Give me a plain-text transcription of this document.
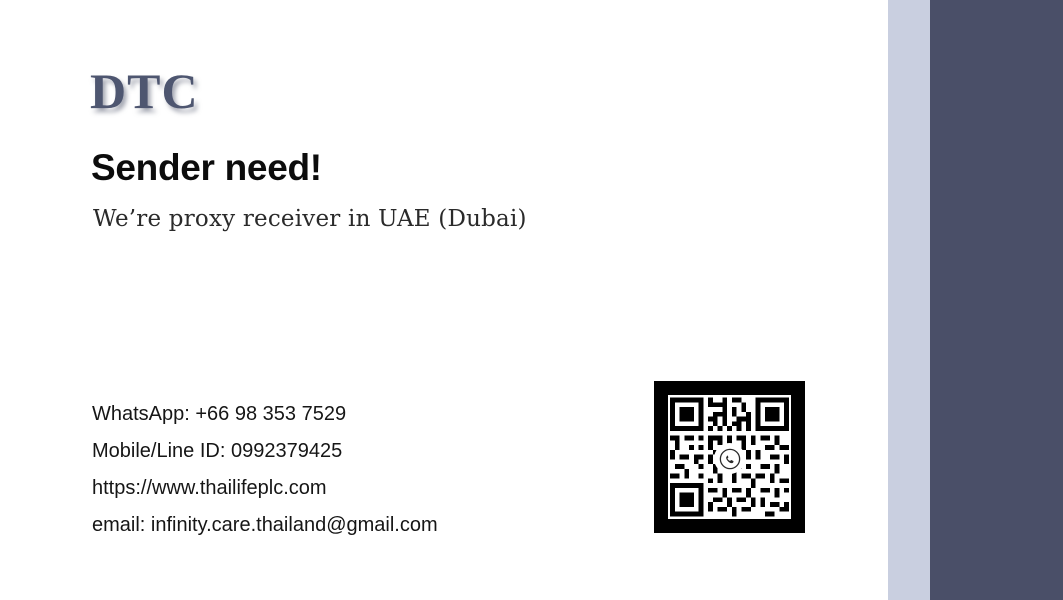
DTC
Sender need!
We’re proxy receiver in UAE (Dubai)
WhatsApp: +66 98 353 7529
Mobile/Line ID: 0992379425
https://www.thailifeplc.com
email: infinity.care.thailand@gmail.com
